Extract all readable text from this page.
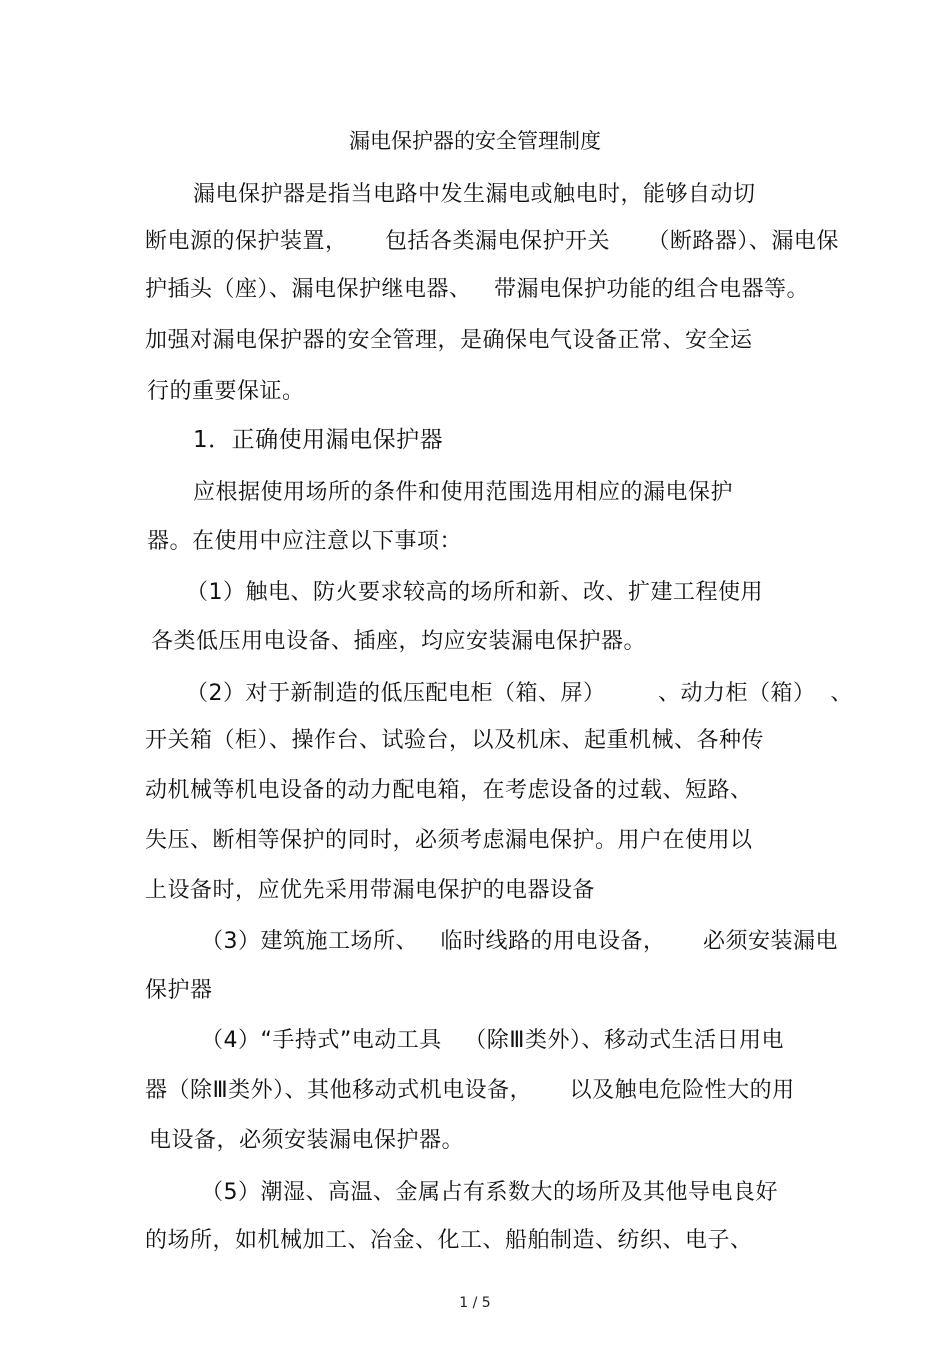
漏电保护器的安全管理制度
漏电保护器是指当电路中发生漏电或触电时，能够自动切
断电源的保护装置，     包括各类漏电保护开关     （断路器）、漏电保
护插头（座）、漏电保护继电器、   带漏电保护功能的组合电器等。
加强对漏电保护器的安全管理，是确保电气设备正常、安全运
行的重要保证。
1．正确使用漏电保护器
应根据使用场所的条件和使用范围选用相应的漏电保护
器。在使用中应注意以下事项：
（1）触电、防火要求较高的场所和新、改、扩建工程使用
各类低压用电设备、插座，均应安装漏电保护器。
（2）对于新制造的低压配电柜（箱、屏）       、动力柜（箱）  、
开关箱（柜）、操作台、试验台，以及机床、起重机械、各种传
动机械等机电设备的动力配电箱，在考虑设备的过载、短路、
失压、断相等保护的同时，必须考虑漏电保护。用户在使用以
上设备时，应优先采用带漏电保护的电器设备
（3）建筑施工场所、   临时线路的用电设备，     必须安装漏电
保护器
（4）“手持式”电动工具   （除Ⅲ类外）、移动式生活日用电
器（除Ⅲ类外）、其他移动式机电设备，     以及触电危险性大的用
电设备，必须安装漏电保护器。
（5）潮湿、高温、金属占有系数大的场所及其他导电良好
的场所，如机械加工、冶金、化工、船舶制造、纺织、电子、
1 / 5
